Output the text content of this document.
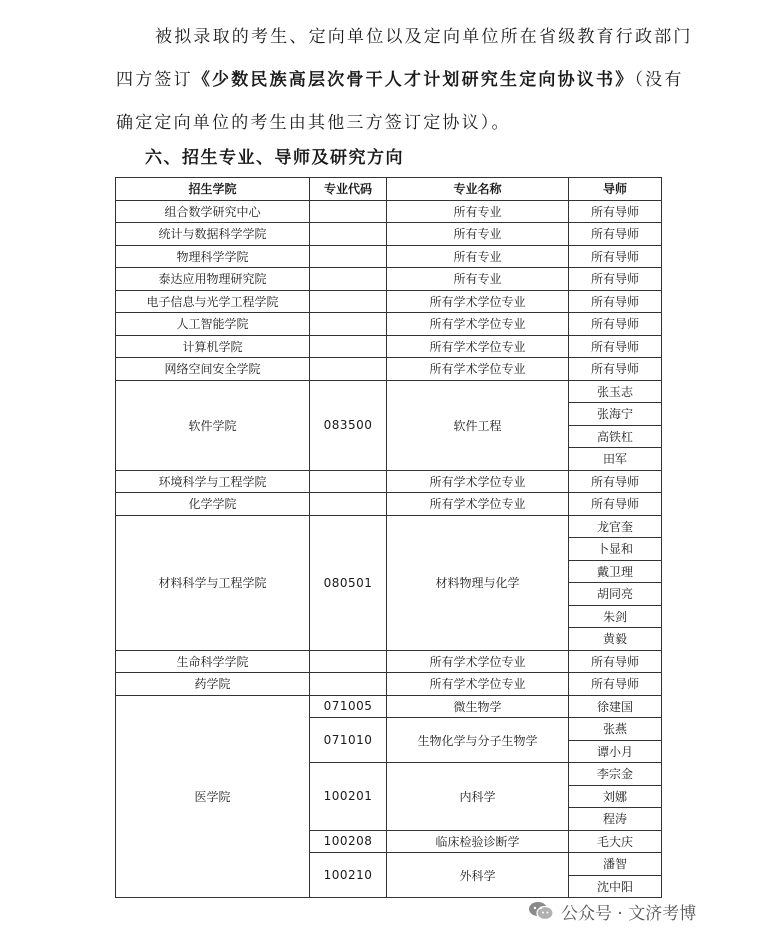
被拟录取的考生、定向单位以及定向单位所在省级教育行政部门
四方签订《少数民族高层次骨干人才计划研究生定向协议书》（没有
确定定向单位的考生由其他三方签订定协议）。
六、招生专业、导师及研究方向
招生学院	专业代码	专业名称	导师
组合数学研究中心		所有专业	所有导师
统计与数据科学学院		所有专业	所有导师
物理科学学院		所有专业	所有导师
泰达应用物理研究院		所有专业	所有导师
电子信息与光学工程学院		所有学术学位专业	所有导师
人工智能学院		所有学术学位专业	所有导师
计算机学院		所有学术学位专业	所有导师
网络空间安全学院		所有学术学位专业	所有导师
软件学院	083500	软件工程	张玉志
			张海宁
			高铁杠
			田军
环境科学与工程学院		所有学术学位专业	所有导师
化学学院		所有学术学位专业	所有导师
材料科学与工程学院	080501	材料物理与化学	龙官奎
			卜显和
			戴卫理
			胡同亮
			朱剑
			黄毅
生命科学学院		所有学术学位专业	所有导师
药学院		所有学术学位专业	所有导师
医学院	071005	微生物学	徐建国
	071010	生物化学与分子生物学	张燕
			谭小月
	100201	内科学	李宗金
			刘娜
			程涛
	100208	临床检验诊断学	毛大庆
	100210	外科学	潘智
			沈中阳
公众号 · 文济考博
